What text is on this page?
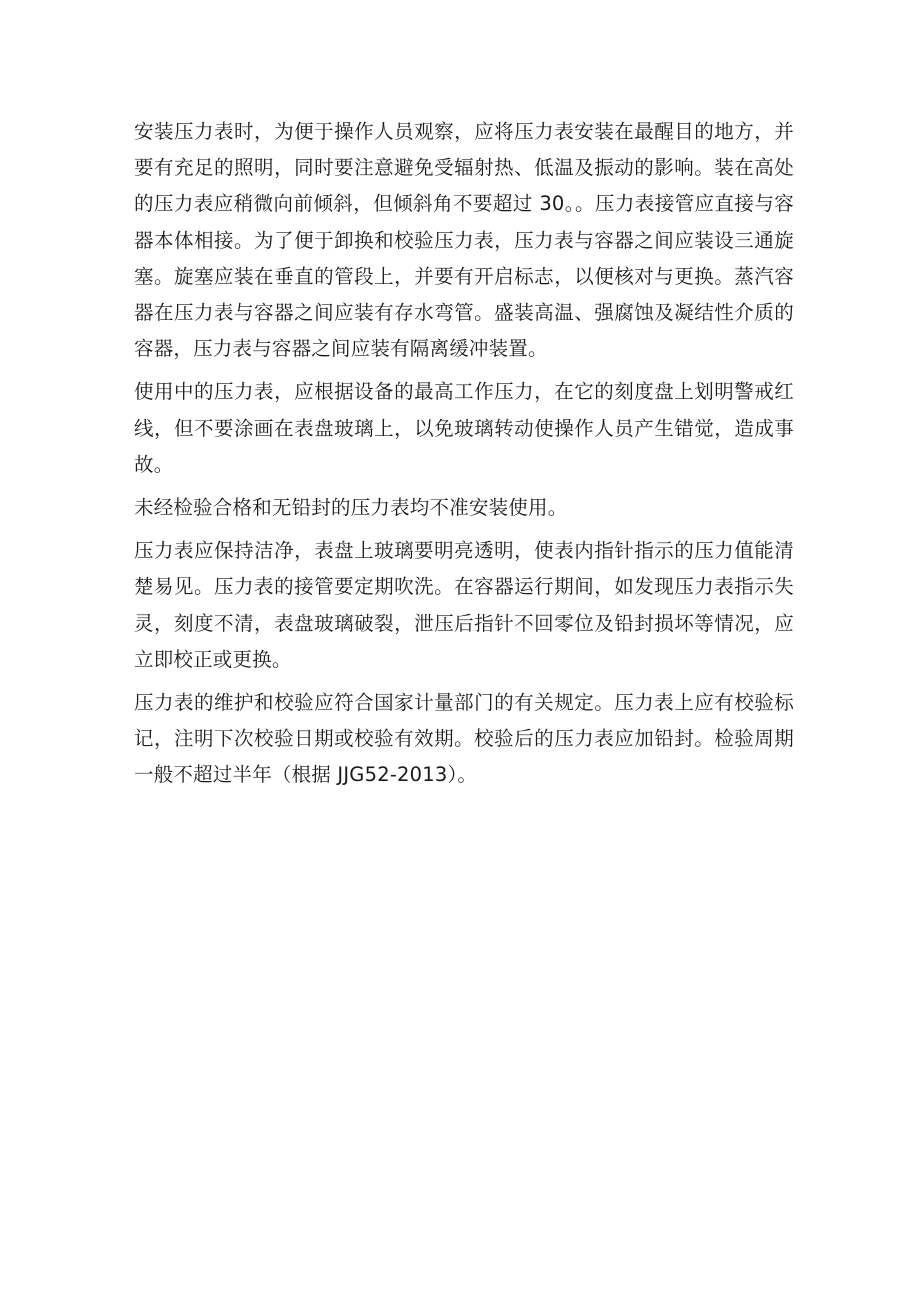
安装压力表时，为便于操作人员观察，应将压力表安装在最醒目的地方，并要有充足的照明，同时要注意避免受辐射热、低温及振动的影响。装在高处的压力表应稍微向前倾斜，但倾斜角不要超过 30。。压力表接管应直接与容器本体相接。为了便于卸换和校验压力表，压力表与容器之间应装设三通旋塞。旋塞应装在垂直的管段上，并要有开启标志，以便核对与更换。蒸汽容器在压力表与容器之间应装有存水弯管。盛装高温、强腐蚀及凝结性介质的容器，压力表与容器之间应装有隔离缓冲装置。

使用中的压力表，应根据设备的最高工作压力，在它的刻度盘上划明警戒红线，但不要涂画在表盘玻璃上，以免玻璃转动使操作人员产生错觉，造成事故。

未经检验合格和无铅封的压力表均不准安装使用。

压力表应保持洁净，表盘上玻璃要明亮透明，使表内指针指示的压力值能清楚易见。压力表的接管要定期吹洗。在容器运行期间，如发现压力表指示失灵，刻度不清，表盘玻璃破裂，泄压后指针不回零位及铅封损坏等情况，应立即校正或更换。

压力表的维护和校验应符合国家计量部门的有关规定。压力表上应有校验标记，注明下次校验日期或校验有效期。校验后的压力表应加铅封。检验周期一般不超过半年（根据 JJG52-2013）。
